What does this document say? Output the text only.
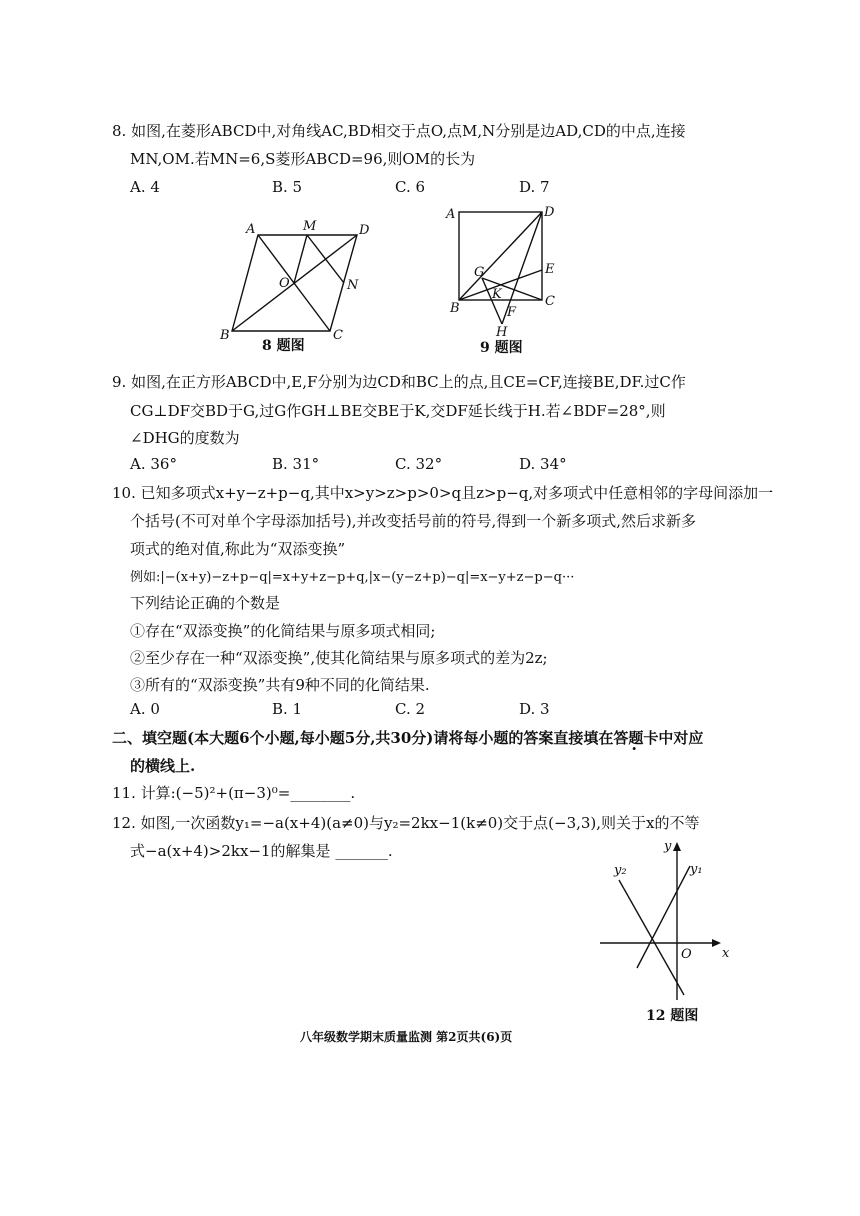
8. 如图,在菱形ABCD中,对角线AC,BD相交于点O,点M,N分别是边AD,CD的中点,连接
MN,OM.若MN=6,S菱形ABCD=96,则OM的长为
A. 4	B. 5	C. 6	D. 7
A	M	D
O	N
B	C
8 题图
A	D
G	E
K
B	F
C
H
9 题图
y
y₂	y₁
O x
12 题图
9. 如图,在正方形ABCD中,E,F分别为边CD和BC上的点,且CE=CF,连接BE,DF.过C作
CG⊥DF交BD于G,过G作GH⊥BE交BE于K,交DF延长线于H.若∠BDF=28°,则
∠DHG的度数为
A. 36°	B. 31°	C. 32°	D. 34°
10. 已知多项式x+y−z+p−q,其中x>y>z>p>0>q且z>p−q,对多项式中任意相邻的字母间添加一
个括号(不可对单个字母添加括号),并改变括号前的符号,得到一个新多项式,然后求新多
项式的绝对值,称此为“双添变换”
例如:|−(x+y)−z+p−q|=x+y+z−p+q,|x−(y−z+p)−q|=x−y+z−p−q···
下列结论正确的个数是
①存在“双添变换”的化简结果与原多项式相同;
②至少存在一种“双添变换”,使其化简结果与原多项式的差为2z;
③所有的“双添变换”共有9种不同的化简结果.
A. 0	B. 1	C. 2	D. 3
二、填空题(本大题6个小题,每小题5分,共30分)请将每小题的答案直接填在答题卡中对应
的横线上.
11. 计算:(−5)²+(π−3)⁰=________.
12. 如图,一次函数y₁=−a(x+4)(a≠0)与y₂=2kx−1(k≠0)交于点(−3,3),则关于x的不等
式−a(x+4)>2kx−1的解集是 _______.
八年级数学期末质量监测 第2页共(6)页
